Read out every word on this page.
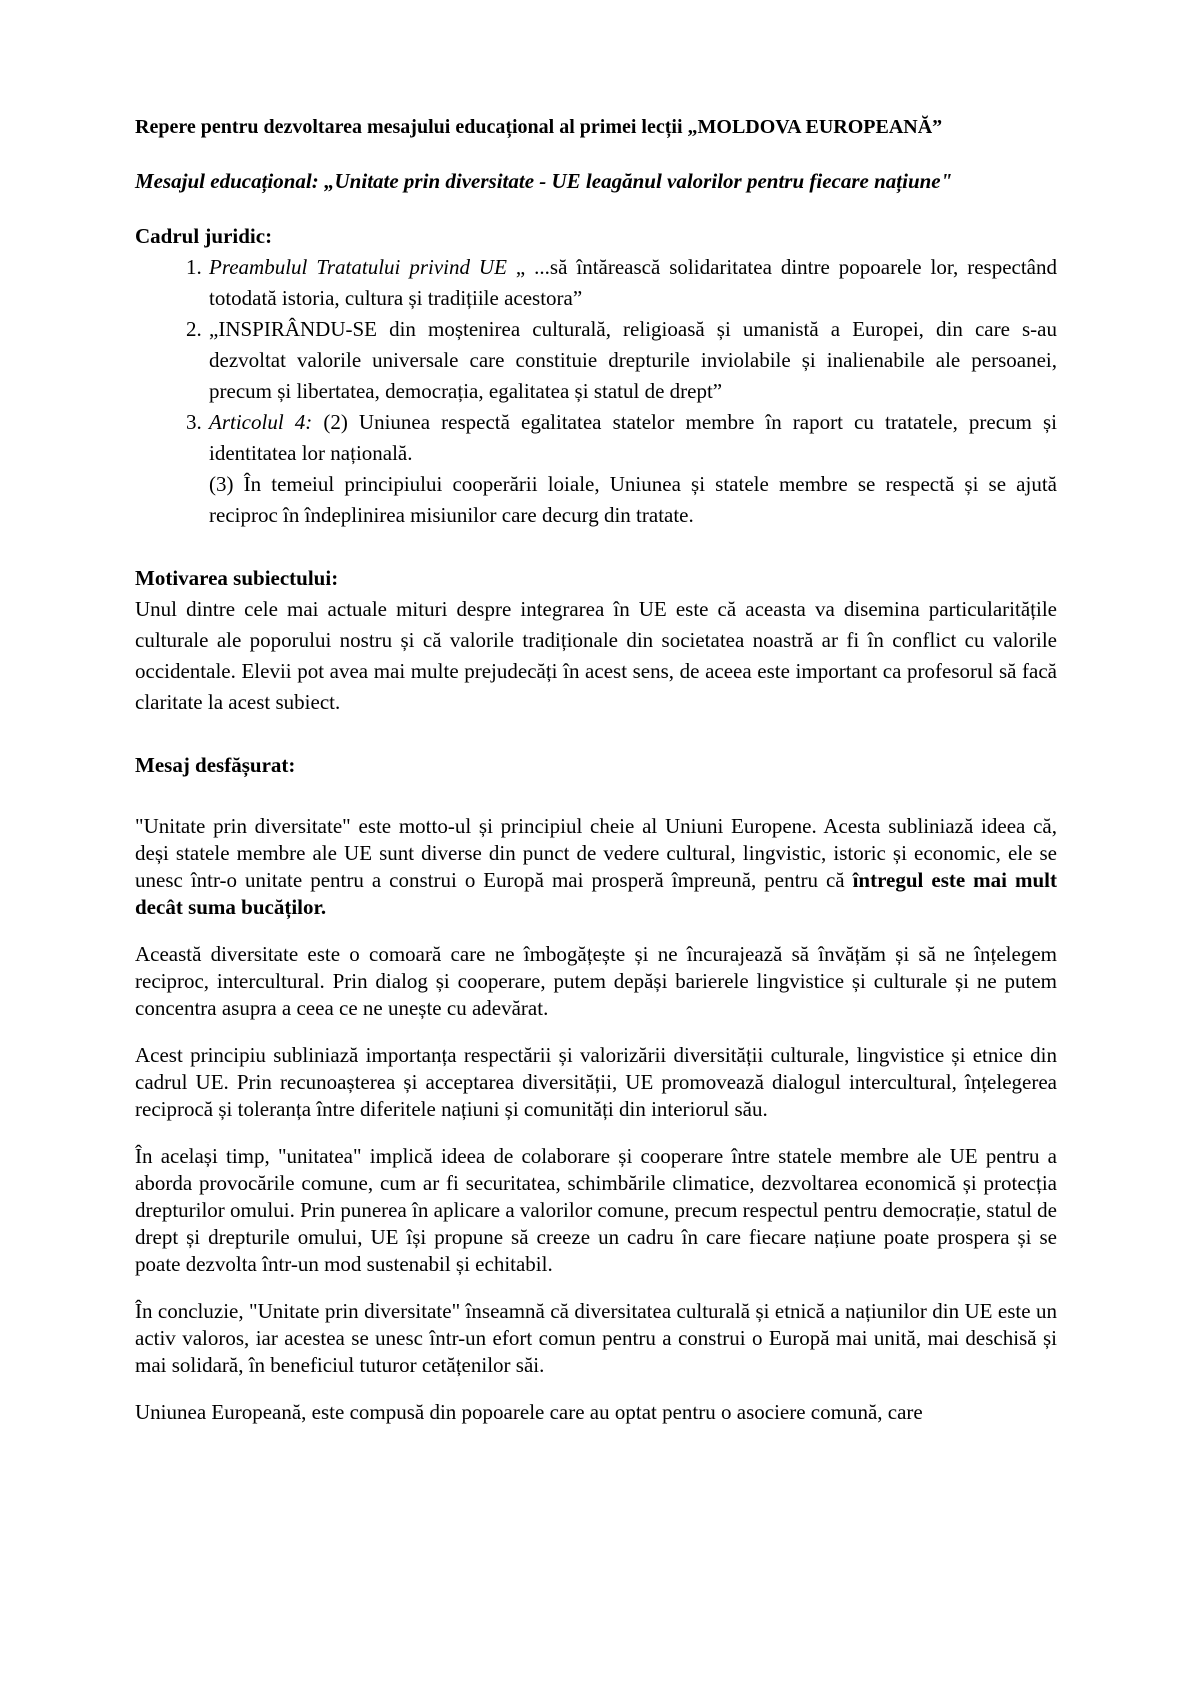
Repere pentru dezvoltarea mesajului educațional al primei lecții „MOLDOVA EUROPEANĂ”

Mesajul educațional: „Unitate prin diversitate - UE leagănul valorilor pentru fiecare națiune"

Cadrul juridic:

1. Preambulul Tratatului privind UE „ ...să întărească solidaritatea dintre popoarele lor, respectând totodată istoria, cultura și tradițiile acestora”
2. „INSPIRÂNDU-SE din moștenirea culturală, religioasă și umanistă a Europei, din care s-au dezvoltat valorile universale care constituie drepturile inviolabile și inalienabile ale persoanei, precum și libertatea, democrația, egalitatea și statul de drept”
3. Articolul 4: (2) Uniunea respectă egalitatea statelor membre în raport cu tratatele, precum și identitatea lor națională.
(3) În temeiul principiului cooperării loiale, Uniunea și statele membre se respectă și se ajută reciproc în îndeplinirea misiunilor care decurg din tratate.

Motivarea subiectului:

Unul dintre cele mai actuale mituri despre integrarea în UE este că aceasta va disemina particularitățile culturale ale poporului nostru și că valorile tradiționale din societatea noastră ar fi în conflict cu valorile occidentale. Elevii pot avea mai multe prejudecăți în acest sens, de aceea este important ca profesorul să facă claritate la acest subiect.

Mesaj desfășurat:

"Unitate prin diversitate" este motto-ul și principiul cheie al Uniuni Europene. Acesta subliniază ideea că, deși statele membre ale UE sunt diverse din punct de vedere cultural, lingvistic, istoric și economic, ele se unesc într-o unitate pentru a construi o Europă mai prosperă împreună, pentru că întregul este mai mult decât suma bucăților.

Această diversitate este o comoară care ne îmbogățește și ne încurajează să învățăm și să ne înțelegem reciproc, intercultural. Prin dialog și cooperare, putem depăși barierele lingvistice și culturale și ne putem concentra asupra a ceea ce ne unește cu adevărat.

Acest principiu subliniază importanța respectării și valorizării diversității culturale, lingvistice și etnice din cadrul UE. Prin recunoașterea și acceptarea diversității, UE promovează dialogul intercultural, înțelegerea reciprocă și toleranța între diferitele națiuni și comunități din interiorul său.

În același timp, "unitatea" implică ideea de colaborare și cooperare între statele membre ale UE pentru a aborda provocările comune, cum ar fi securitatea, schimbările climatice, dezvoltarea economică și protecția drepturilor omului. Prin punerea în aplicare a valorilor comune, precum respectul pentru democrație, statul de drept și drepturile omului, UE își propune să creeze un cadru în care fiecare națiune poate prospera și se poate dezvolta într-un mod sustenabil și echitabil.

În concluzie, "Unitate prin diversitate" înseamnă că diversitatea culturală și etnică a națiunilor din UE este un activ valoros, iar acestea se unesc într-un efort comun pentru a construi o Europă mai unită, mai deschisă și mai solidară, în beneficiul tuturor cetățenilor săi.

Uniunea Europeană, este compusă din popoarele care au optat pentru o asociere comună, care
